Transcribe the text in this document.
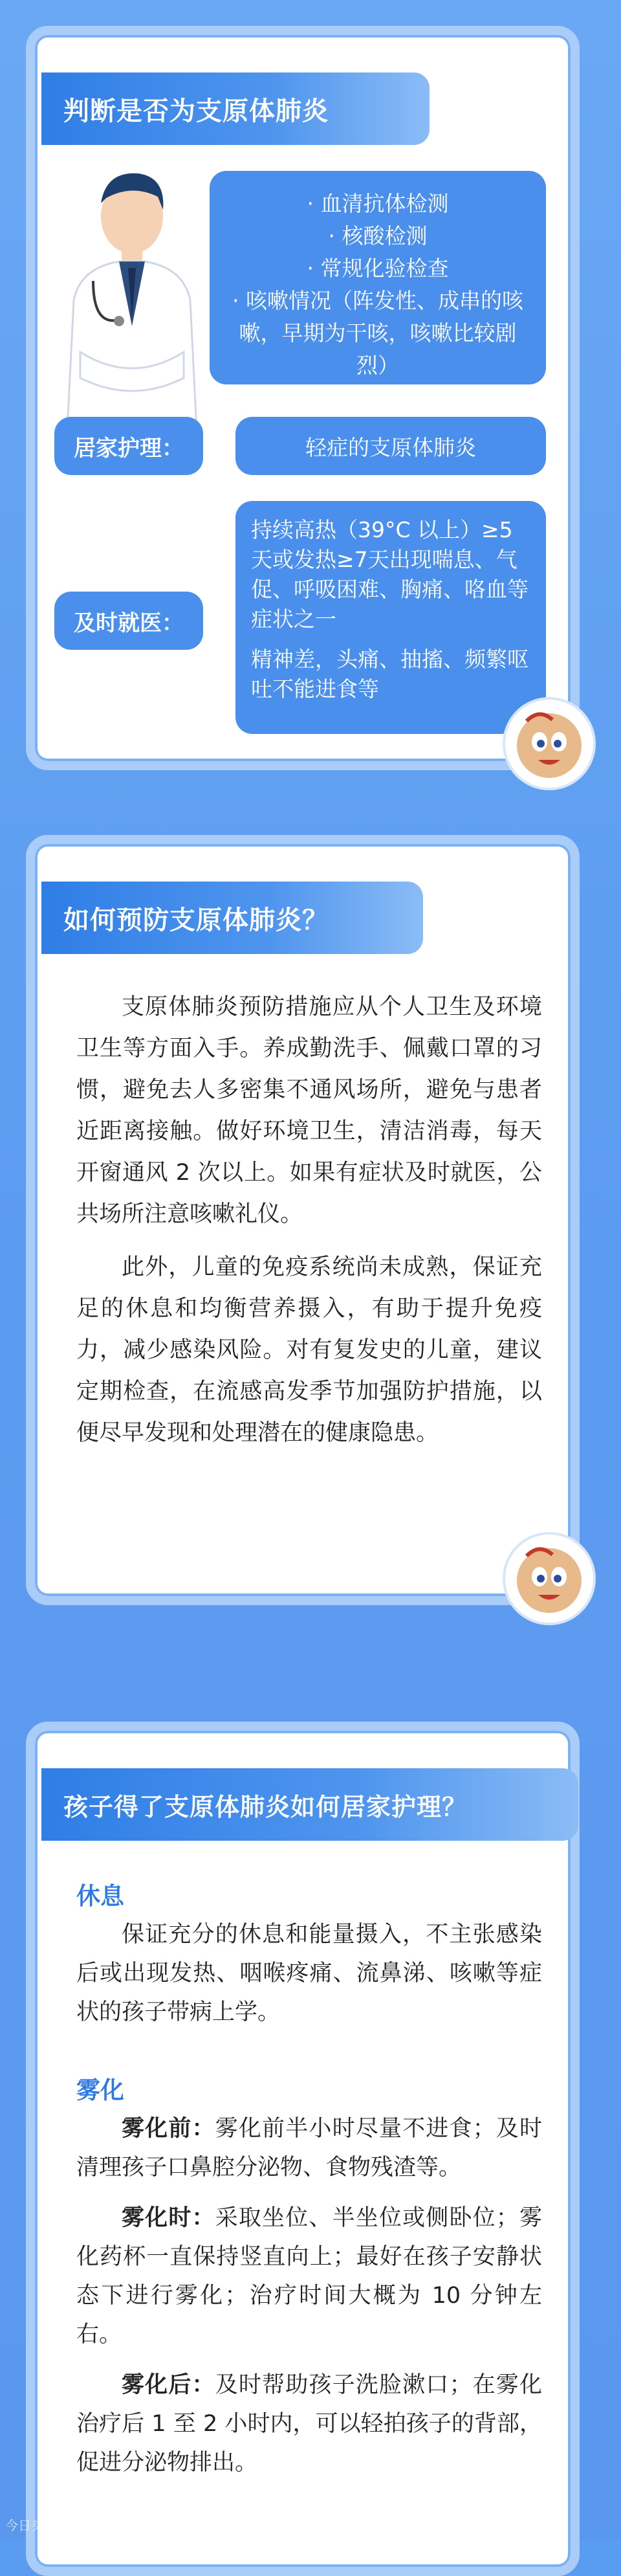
判断是否为支原体肺炎
· 血清抗体检测
· 核酸检测
· 常规化验检查
· 咳嗽情况（阵发性、成串的咳嗽，早期为干咳，咳嗽比较剧烈）
居家护理：	轻症的支原体肺炎
及时就医：
持续高热（39°C 以上）≥5天或发热≥7天出现喘息、气促、呼吸困难、胸痛、咯血等症状之一
精神差，头痛、抽搐、频繁呕吐不能进食等
如何预防支原体肺炎？

支原体肺炎预防措施应从个人卫生及环境卫生等方面入手。养成勤洗手、佩戴口罩的习惯，避免去人多密集不通风场所，避免与患者近距离接触。做好环境卫生，清洁消毒，每天开窗通风 2 次以上。如果有症状及时就医，公共场所注意咳嗽礼仪。

此外，儿童的免疫系统尚未成熟，保证充足的休息和均衡营养摄入，有助于提升免疫力，减少感染风险。对有复发史的儿童，建议定期检查，在流感高发季节加强防护措施，以便尽早发现和处理潜在的健康隐患。

孩子得了支原体肺炎如何居家护理？
休息

保证充分的休息和能量摄入，不主张感染后或出现发热、咽喉疼痛、流鼻涕、咳嗽等症状的孩子带病上学。

雾化

雾化前：雾化前半小时尽量不进食；及时清理孩子口鼻腔分泌物、食物残渣等。

雾化时：采取坐位、半坐位或侧卧位；雾化药杯一直保持竖直向上；最好在孩子安静状态下进行雾化；治疗时间大概为 10 分钟左右。

雾化后：及时帮助孩子洗脸漱口；在雾化治疗后 1 至 2 小时内，可以轻拍孩子的背部，促进分泌物排出。

今日头条
